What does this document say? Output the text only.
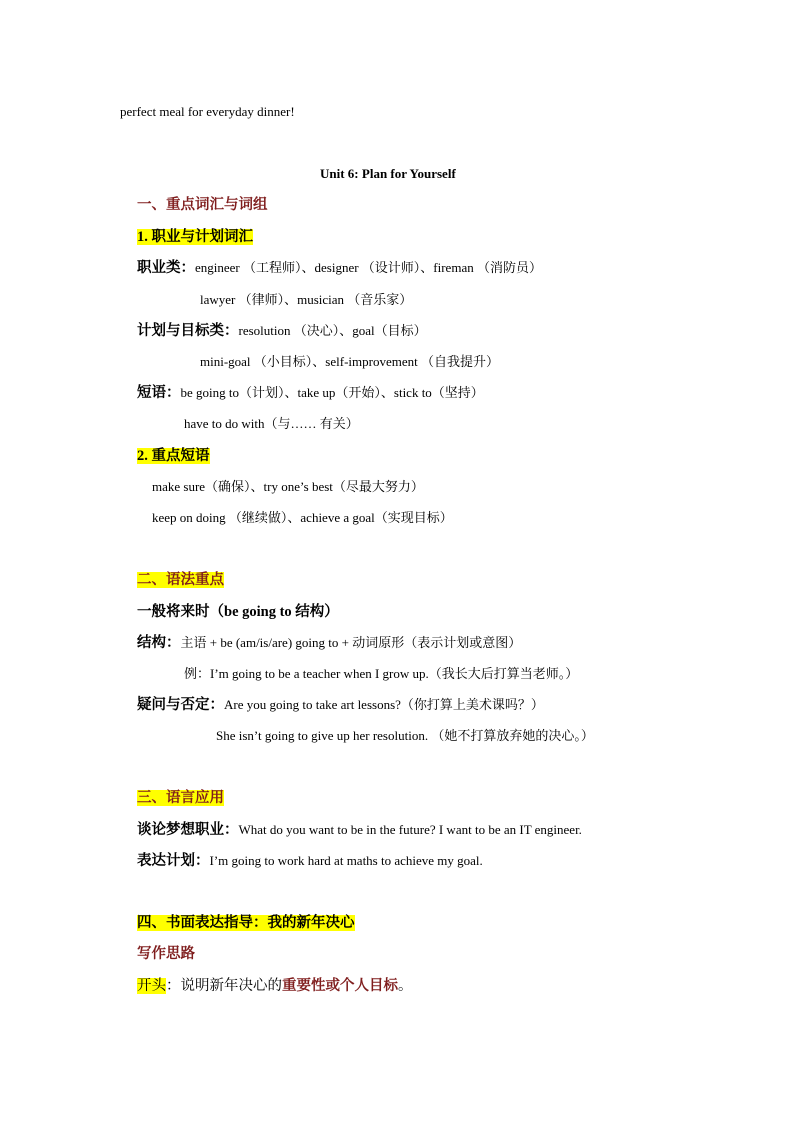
perfect meal for everyday dinner!
Unit 6: Plan for Yourself
一、重点词汇与词组
1. 职业与计划词汇
职业类：engineer （工程师）、designer （设计师）、fireman （消防员）
lawyer （律师）、musician （音乐家）
计划与目标类：resolution （决心）、goal（目标）
mini-goal （小目标）、self-improvement （自我提升）
短语：be going to（计划）、take up（开始）、stick to（坚持）
have to do with（与…… 有关）
2. 重点短语
make sure（确保）、try one’s best（尽最大努力）
keep on doing （继续做）、achieve a goal（实现目标）
二、语法重点
一般将来时（be going to 结构）
结构：主语 + be (am/is/are) going to + 动词原形（表示计划或意图）
例：I’m going to be a teacher when I grow up.（我长大后打算当老师。）
疑问与否定：Are you going to take art lessons?（你打算上美术课吗？）
She isn’t going to give up her resolution. （她不打算放弃她的决心。）
三、语言应用
谈论梦想职业：What do you want to be in the future? I want to be an IT engineer.
表达计划：I’m going to work hard at maths to achieve my goal.
四、书面表达指导：我的新年决心
写作思路
开头：说明新年决心的重要性或个人目标。
